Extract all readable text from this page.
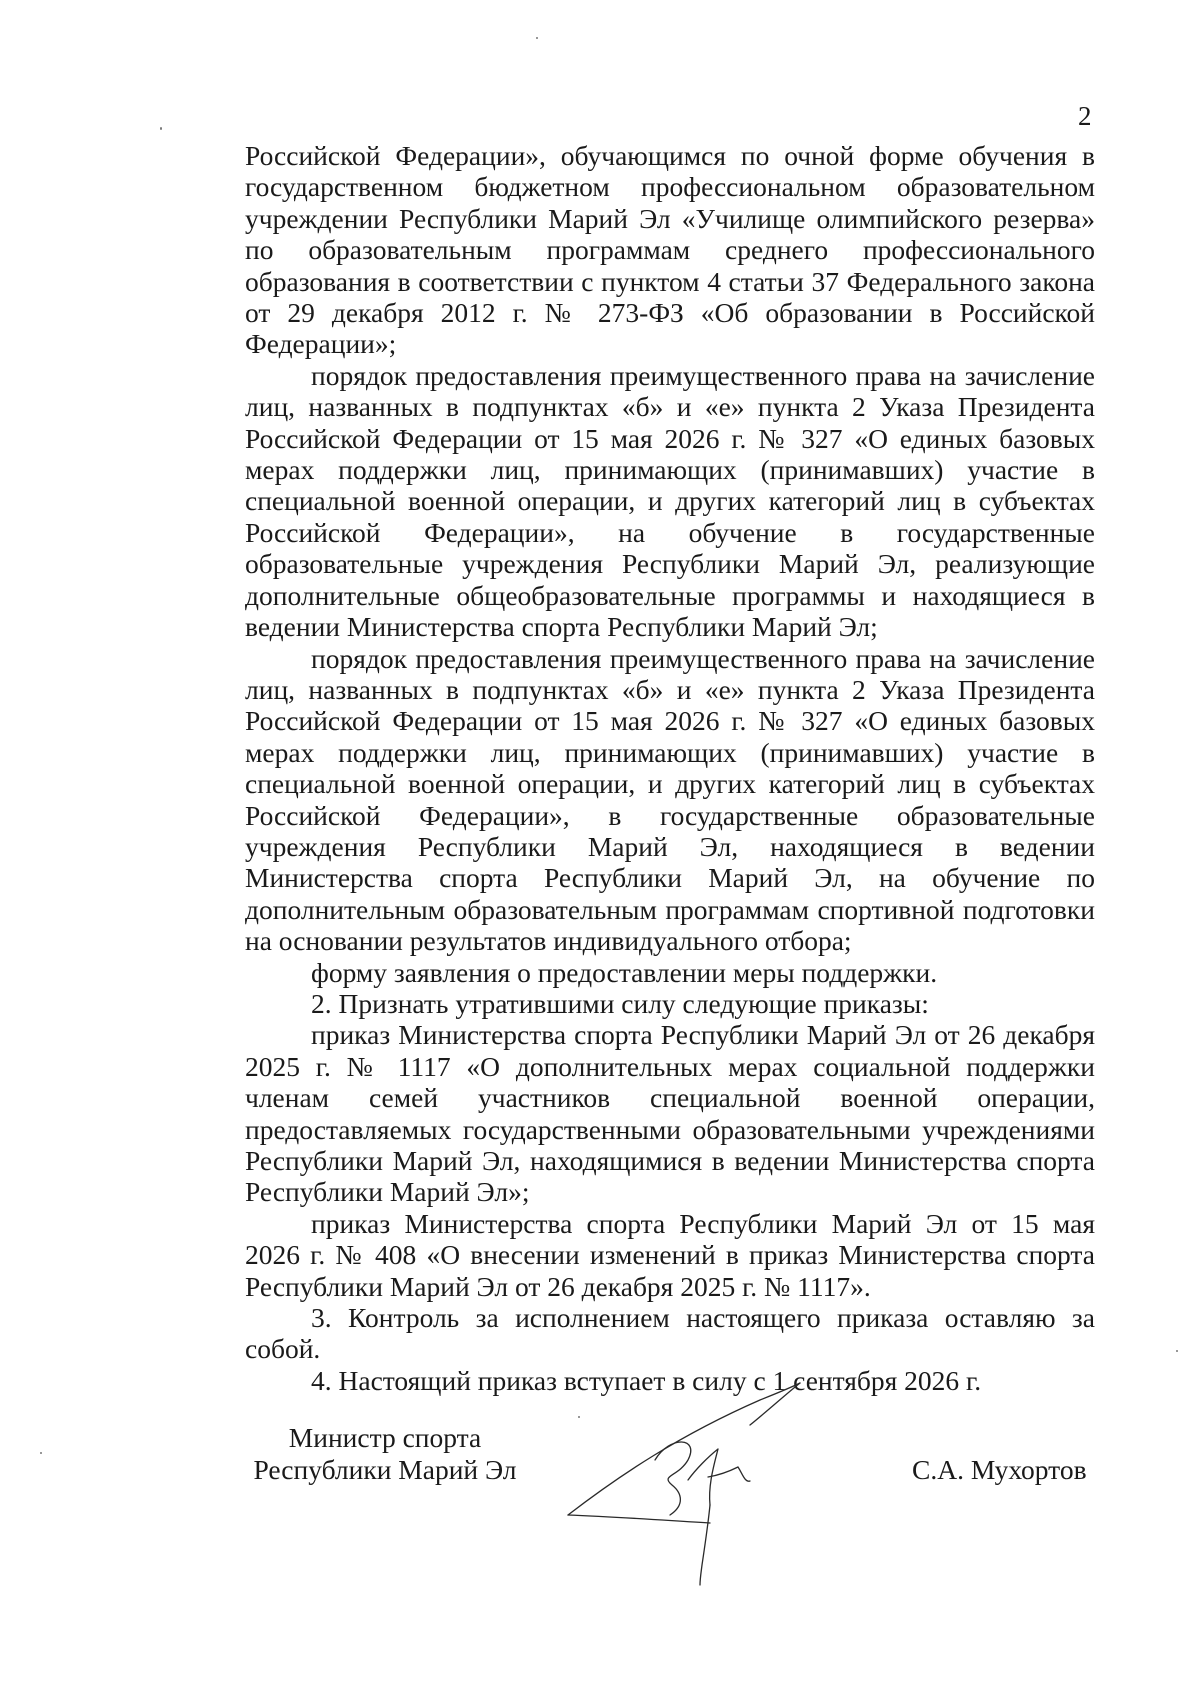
2

Российской Федерации», обучающимся по очной форме обучения в государственном бюджетном профессиональном образовательном учреждении Республики Марий Эл «Училище олимпийского резерва» по образовательным программам среднего профессионального образования в соответствии с пунктом 4 статьи 37 Федерального закона от 29 декабря 2012 г. № 273-ФЗ «Об образовании в Российской Федерации»;

порядок предоставления преимущественного права на зачисление лиц, названных в подпунктах «б» и «е» пункта 2 Указа Президента Российской Федерации от 15 мая 2026 г. № 327 «О единых базовых мерах поддержки лиц, принимающих (принимавших) участие в специальной военной операции, и других категорий лиц в субъектах Российской Федерации», на обучение в государственные образовательные учреждения Республики Марий Эл, реализующие дополнительные общеобразовательные программы и находящиеся в ведении Министерства спорта Республики Марий Эл;

порядок предоставления преимущественного права на зачисление лиц, названных в подпунктах «б» и «е» пункта 2 Указа Президента Российской Федерации от 15 мая 2026 г. № 327 «О единых базовых мерах поддержки лиц, принимающих (принимавших) участие в специальной военной операции, и других категорий лиц в субъектах Российской Федерации», в государственные образовательные учреждения Республики Марий Эл, находящиеся в ведении Министерства спорта Республики Марий Эл, на обучение по дополнительным образовательным программам спортивной подготовки на основании результатов индивидуального отбора;

форму заявления о предоставлении меры поддержки.

2. Признать утратившими силу следующие приказы:

приказ Министерства спорта Республики Марий Эл от 26 декабря 2025 г. № 1117 «О дополнительных мерах социальной поддержки членам семей участников специальной военной операции, предоставляемых государственными образовательными учреждениями Республики Марий Эл, находящимися в ведении Министерства спорта Республики Марий Эл»;

приказ Министерства спорта Республики Марий Эл от 15 мая 2026 г. № 408 «О внесении изменений в приказ Министерства спорта Республики Марий Эл от 26 декабря 2025 г. № 1117».

3. Контроль за исполнением настоящего приказа оставляю за собой.

4. Настоящий приказ вступает в силу с 1 сентября 2026 г.

Министр спорта
Республики Марий Эл	С.А. Мухортов
